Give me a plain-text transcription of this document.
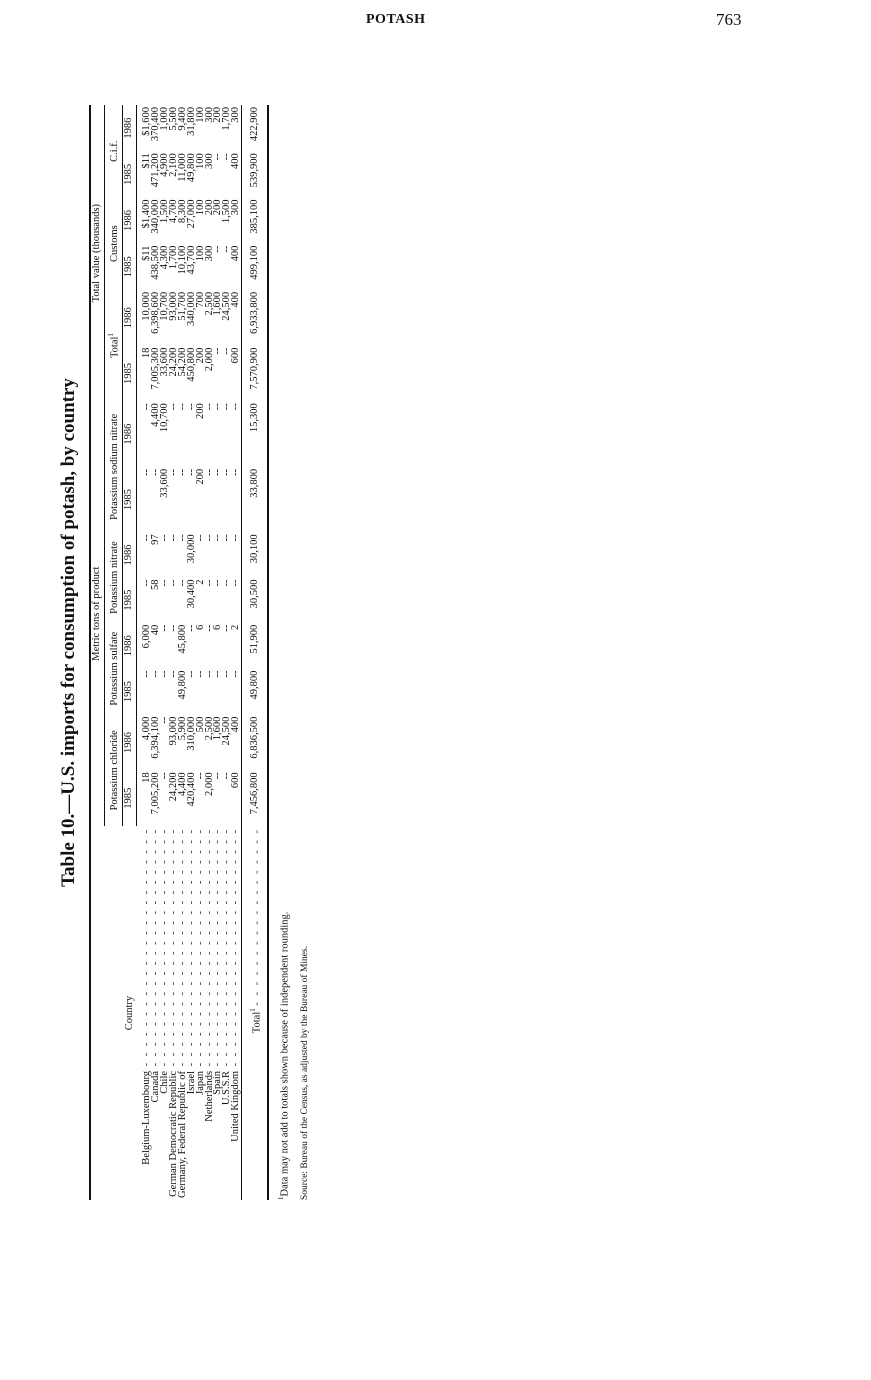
POTASH	763
Table 10.—U.S. imports for consumption of potash, by country
Country	Metric tons of product								Total value (thousands)					
	Potassium chloride		Potassium sulfate		Potassium nitrate		Potassium sodium nitrate		Total$^1$		Customs		C.i.f.	
	1985	1986	1985	1986	1985	1986	1985	1986	1985	1986	1985	1986	1985	1986
Belgium-Luxembourg - - - - - - - - - - - - - - - - - - - - - - - -	18	4,000	--	6,000	--	--	--	--	18	10,000	$11	$1,400	$11	$1,600
Canada - - - - - - - - - - - - - - - - - - - - - - - -	7,005,200	6,394,100	--	40	58	97	--	4,400	7,005,300	6,398,600	438,500	340,000	471,200	370,400
Chile - - - - - - - - - - - - - - - - - - - - - - - -	--	--	--	--	--	--	33,600	10,700	33,600	10,700	4,300	1,500	4,900	1,000
German Democratic Republic - - - - - - - - - - - - - - - - - - - - - - - -	24,200	93,000	--	--	--	--	--	--	24,200	93,000	1,700	4,700	2,100	5,500
Germany, Federal Republic of - - - - - - - - - - - - - - - - - - - - - - - -	4,400	5,900	49,800	45,800	--	--	--	--	54,200	51,700	10,100	8,300	11,000	9,400
Israel - - - - - - - - - - - - - - - - - - - - - - - -	420,400	310,000	--	--	30,400	30,000	--	--	450,800	340,000	43,700	27,000	49,800	31,800
Japan - - - - - - - - - - - - - - - - - - - - - - - -	--	500	--	6	2	--	200	200	200	700	100	100	100	100
Netherlands - - - - - - - - - - - - - - - - - - - - - - - -	2,000	2,500	--	--	--	--	--	--	2,000	2,500	300	200	300	300
Spain - - - - - - - - - - - - - - - - - - - - - - - -	--	1,600	--	6	--	--	--	--	--	1,600	--	200	--	200
U.S.S.R - - - - - - - - - - - - - - - - - - - - - - - -	--	24,500	--	--	--	--	--	--	--	24,500	--	1,500	--	1,700
United Kingdom - - - - - - - - - - - - - - - - - - - - - - - -	600	400	--	2	--	--	--	--	600	400	400	300	400	300
Total$^1$ - - - - - - - - - - - - - - - - - -	7,456,800	6,836,500	49,800	51,900	30,500	30,100	33,800	15,300	7,570,900	6,933,800	499,100	385,100	539,900	422,900
$^1$Data may not add to totals shown because of independent rounding. Source: Bureau of the Census, as adjusted by the Bureau of Mines.
